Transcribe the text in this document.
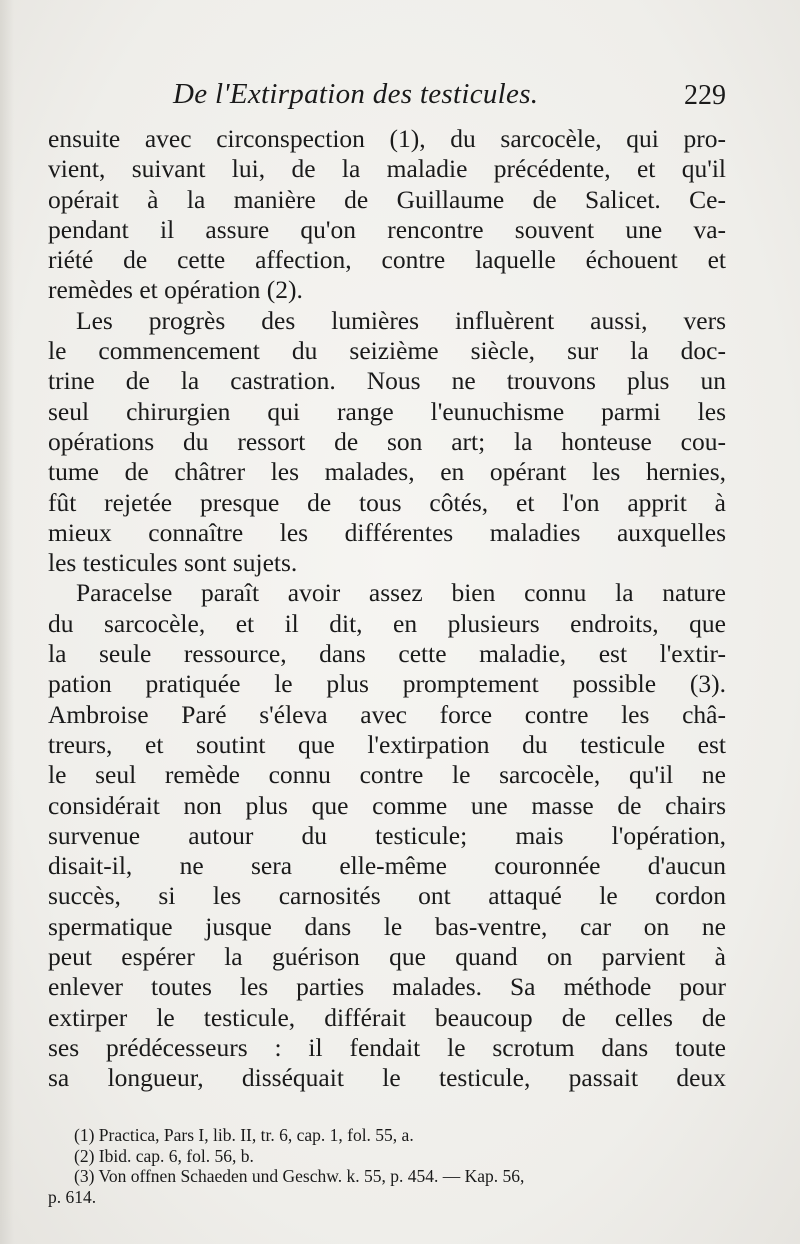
De l'Extirpation des testicules.	229
ensuite avec circonspection (1), du sarcocèle, qui pro-
vient, suivant lui, de la maladie précédente, et qu'il
opérait à la manière de Guillaume de Salicet. Ce-
pendant il assure qu'on rencontre souvent une va-
riété de cette affection, contre laquelle échouent et
remèdes et opération (2).
Les progrès des lumières influèrent aussi, vers
le commencement du seizième siècle, sur la doc-
trine de la castration. Nous ne trouvons plus un
seul chirurgien qui range l'eunuchisme parmi les
opérations du ressort de son art; la honteuse cou-
tume de châtrer les malades, en opérant les hernies,
fût rejetée presque de tous côtés, et l'on apprit à
mieux connaître les différentes maladies auxquelles
les testicules sont sujets.
Paracelse paraît avoir assez bien connu la nature
du sarcocèle, et il dit, en plusieurs endroits, que
la seule ressource, dans cette maladie, est l'extir-
pation pratiquée le plus promptement possible (3).
Ambroise Paré s'éleva avec force contre les châ-
treurs, et soutint que l'extirpation du testicule est
le seul remède connu contre le sarcocèle, qu'il ne
considérait non plus que comme une masse de chairs
survenue autour du testicule; mais l'opération,
disait-il, ne sera elle-même couronnée d'aucun
succès, si les carnosités ont attaqué le cordon
spermatique jusque dans le bas-ventre, car on ne
peut espérer la guérison que quand on parvient à
enlever toutes les parties malades. Sa méthode pour
extirper le testicule, différait beaucoup de celles de
ses prédécesseurs : il fendait le scrotum dans toute
sa longueur, disséquait le testicule, passait deux
(1) Practica, Pars I, lib. II, tr. 6, cap. 1, fol. 55, a.
(2) Ibid. cap. 6, fol. 56, b.
(3) Von offnen Schaeden und Geschw. k. 55, p. 454. — Kap. 56,
p. 614.
